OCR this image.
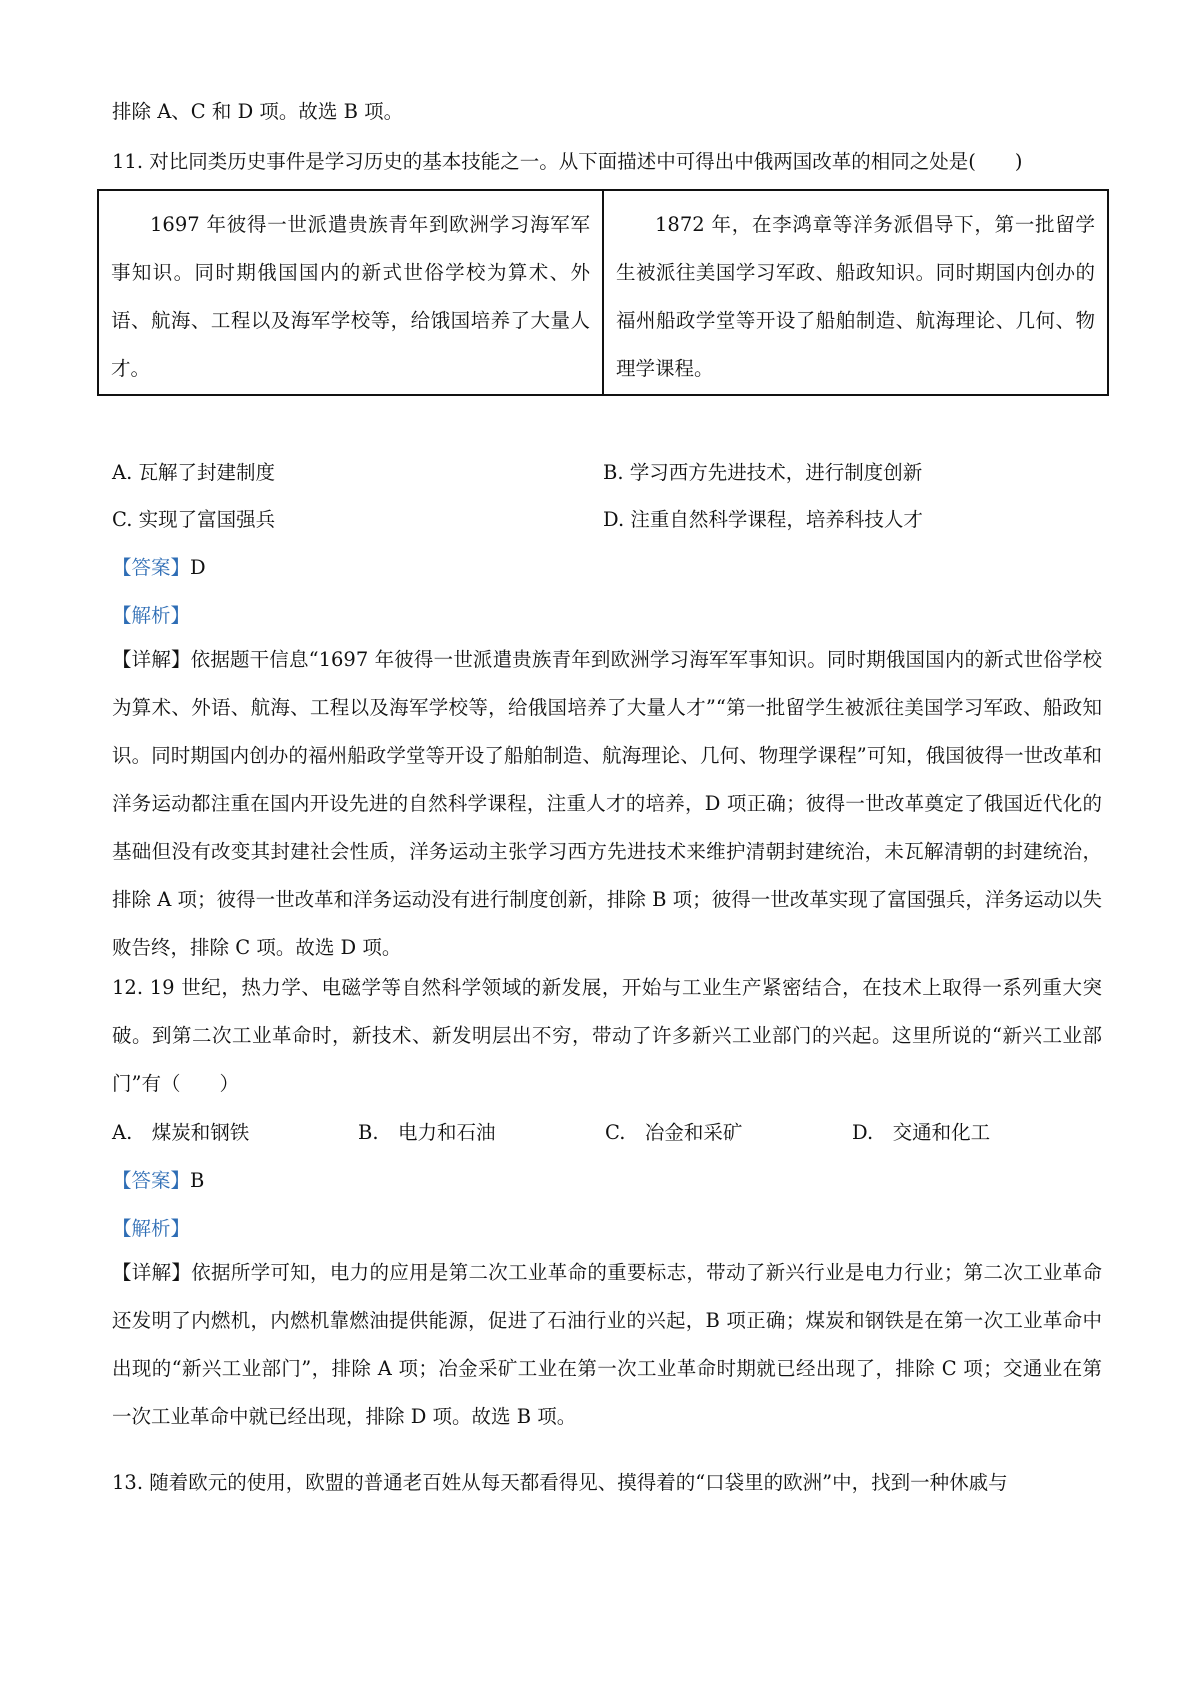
排除 A、C 和 D 项。故选 B 项。
11. 对比同类历史事件是学习历史的基本技能之一。从下面描述中可得出中俄两国改革的相同之处是(　　)
1697 年彼得一世派遣贵族青年到欧洲学习海军军事知识。同时期俄国国内的新式世俗学校为算术、外语、航海、工程以及海军学校等，给饿国培养了大量人才。	1872 年，在李鸿章等洋务派倡导下，第一批留学生被派往美国学习军政、船政知识。同时期国内创办的福州船政学堂等开设了船舶制造、航海理论、几何、物理学课程。
A. 瓦解了封建制度	B. 学习西方先进技术，进行制度创新
C. 实现了富国强兵	D. 注重自然科学课程，培养科技人才
【答案】D
【解析】
【详解】依据题干信息“1697 年彼得一世派遣贵族青年到欧洲学习海军军事知识。同时期俄国国内的新式世俗学校为算术、外语、航海、工程以及海军学校等，给俄国培养了大量人才”“第一批留学生被派往美国学习军政、船政知识。同时期国内创办的福州船政学堂等开设了船舶制造、航海理论、几何、物理学课程”可知，俄国彼得一世改革和洋务运动都注重在国内开设先进的自然科学课程，注重人才的培养，D 项正确；彼得一世改革奠定了俄国近代化的基础但没有改变其封建社会性质，洋务运动主张学习西方先进技术来维护清朝封建统治，未瓦解清朝的封建统治，排除 A 项；彼得一世改革和洋务运动没有进行制度创新，排除 B 项；彼得一世改革实现了富国强兵，洋务运动以失败告终，排除 C 项。故选 D 项。
12. 19 世纪，热力学、电磁学等自然科学领域的新发展，开始与工业生产紧密结合，在技术上取得一系列重大突破。到第二次工业革命时，新技术、新发明层出不穷，带动了许多新兴工业部门的兴起。这里所说的“新兴工业部门”有（　　）
A.　煤炭和钢铁	B.　电力和石油	C.　冶金和采矿	D.　交通和化工
【答案】B
【解析】
【详解】依据所学可知，电力的应用是第二次工业革命的重要标志，带动了新兴行业是电力行业；第二次工业革命还发明了内燃机，内燃机靠燃油提供能源，促进了石油行业的兴起，B 项正确；煤炭和钢铁是在第一次工业革命中出现的“新兴工业部门”，排除 A 项；冶金采矿工业在第一次工业革命时期就已经出现了，排除 C 项；交通业在第一次工业革命中就已经出现，排除 D 项。故选 B 项。
13. 随着欧元的使用，欧盟的普通老百姓从每天都看得见、摸得着的“口袋里的欧洲”中，找到一种休戚与
